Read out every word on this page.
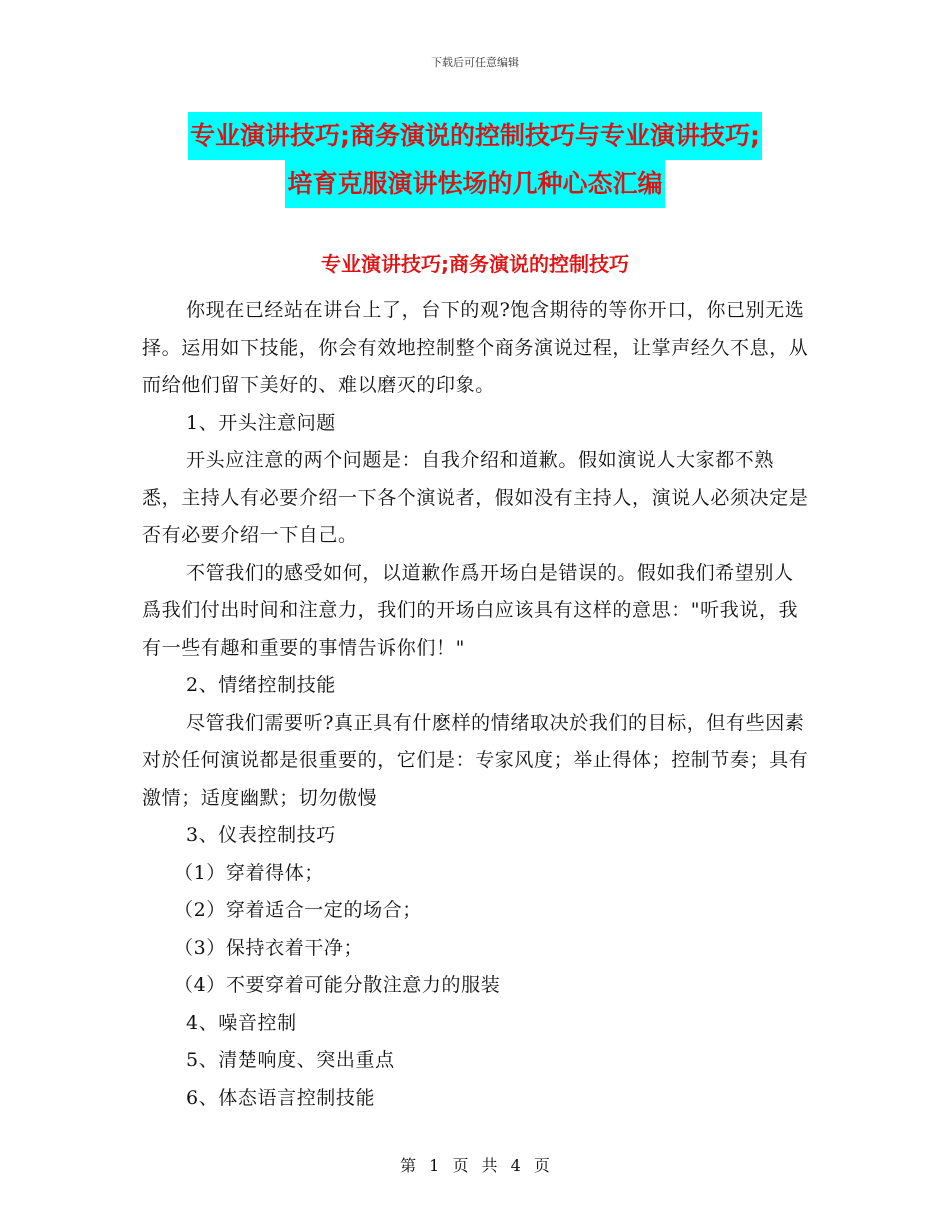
下载后可任意编辑
专业演讲技巧;商务演说的控制技巧与专业演讲技巧;
培育克服演讲怯场的几种心态汇编
专业演讲技巧;商务演说的控制技巧

你现在已经站在讲台上了，台下的观?饱含期待的等你开口，你已别无选择。运用如下技能，你会有效地控制整个商务演说过程，让掌声经久不息，从而给他们留下美好的、难以磨灭的印象。

1、开头注意问题

开头应注意的两个问题是：自我介绍和道歉。假如演说人大家都不熟悉，主持人有必要介绍一下各个演说者，假如没有主持人，演说人必须决定是否有必要介绍一下自己。

不管我们的感受如何，以道歉作爲开场白是错误的。假如我们希望别人爲我们付出时间和注意力，我们的开场白应该具有这样的意思："听我说，我有一些有趣和重要的事情告诉你们！"

2、情绪控制技能

尽管我们需要听?真正具有什麽样的情绪取决於我们的目标，但有些因素对於任何演说都是很重要的，它们是：专家风度；举止得体；控制节奏；具有激情；适度幽默；切勿傲慢

3、仪表控制技巧

（1）穿着得体；

（2）穿着适合一定的场合；

（3）保持衣着干净；

（4）不要穿着可能分散注意力的服装

4、噪音控制

5、清楚响度、突出重点

6、体态语言控制技能

第 1 页 共 4 页
